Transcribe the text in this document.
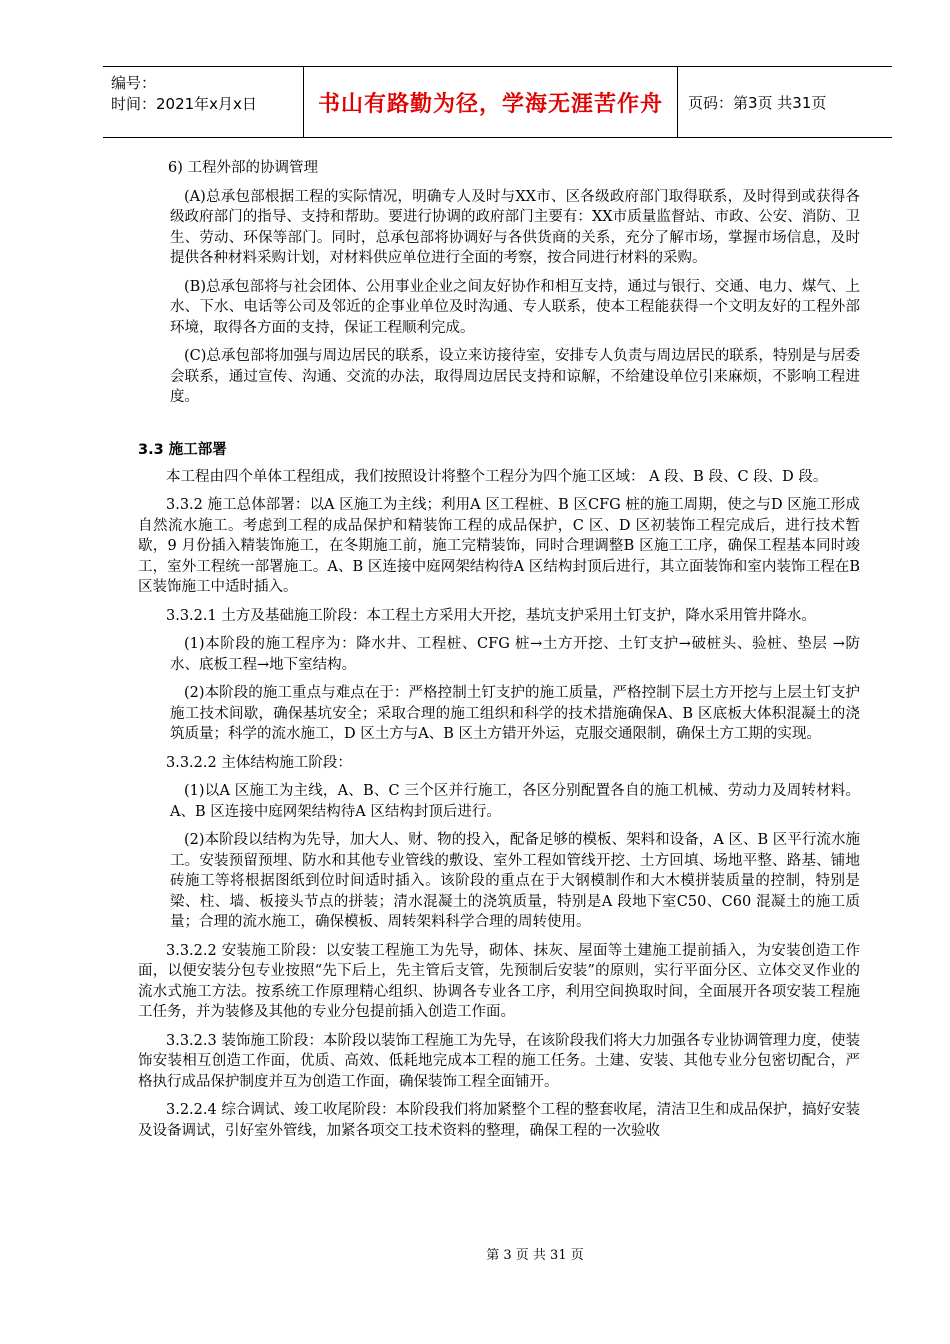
编号：
时间：2021年x月x日	书山有路勤为径，学海无涯苦作舟 页码：第3页 共31页

6) 工程外部的协调管理

(A)总承包部根据工程的实际情况，明确专人及时与XX市、区各级政府部门取得联系，及时得到或获得各级政府部门的指导、支持和帮助。要进行协调的政府部门主要有：XX市质量监督站、市政、公安、消防、卫生、劳动、环保等部门。同时，总承包部将协调好与各供货商的关系，充分了解市场，掌握市场信息，及时提供各种材料采购计划，对材料供应单位进行全面的考察，按合同进行材料的采购。

(B)总承包部将与社会团体、公用事业企业之间友好协作和相互支持，通过与银行、交通、电力、煤气、上水、下水、电话等公司及邻近的企事业单位及时沟通、专人联系，使本工程能获得一个文明友好的工程外部环境，取得各方面的支持，保证工程顺利完成。

(C)总承包部将加强与周边居民的联系，设立来访接待室，安排专人负责与周边居民的联系，特别是与居委会联系，通过宣传、沟通、交流的办法，取得周边居民支持和谅解，不给建设单位引来麻烦，不影响工程进度。

3.3 施工部署

本工程由四个单体工程组成，我们按照设计将整个工程分为四个施工区域： A 段、B 段、C 段、D 段。

3.3.2 施工总体部署：以A 区施工为主线；利用A 区工程桩、B 区CFG 桩的施工周期，使之与D 区施工形成自然流水施工。考虑到工程的成品保护和精装饰工程的成品保护，C 区、D 区初装饰工程完成后，进行技术暂歇，9 月份插入精装饰施工，在冬期施工前，施工完精装饰，同时合理调整B 区施工工序，确保工程基本同时竣工，室外工程统一部署施工。A、B 区连接中庭网架结构待A 区结构封顶后进行，其立面装饰和室内装饰工程在B 区装饰施工中适时插入。

3.3.2.1 土方及基础施工阶段：本工程土方采用大开挖，基坑支护采用土钉支护，降水采用管井降水。

(1)本阶段的施工程序为：降水井、工程桩、CFG 桩→土方开挖、土钉支护→破桩头、验桩、垫层 →防水、底板工程→地下室结构。

(2)本阶段的施工重点与难点在于：严格控制土钉支护的施工质量，严格控制下层土方开挖与上层土钉支护施工技术间歇，确保基坑安全；采取合理的施工组织和科学的技术措施确保A、B 区底板大体积混凝土的浇筑质量；科学的流水施工，D 区土方与A、B 区土方错开外运，克服交通限制，确保土方工期的实现。

3.3.2.2 主体结构施工阶段：

(1)以A 区施工为主线，A、B、C 三个区并行施工，各区分别配置各自的施工机械、劳动力及周转材料。A、B 区连接中庭网架结构待A 区结构封顶后进行。

(2)本阶段以结构为先导，加大人、财、物的投入，配备足够的模板、架料和设备，A 区、B 区平行流水施工。安装预留预埋、防水和其他专业管线的敷设、室外工程如管线开挖、土方回填、场地平整、路基、铺地砖施工等将根据图纸到位时间适时插入。该阶段的重点在于大钢模制作和大木模拼装质量的控制，特别是梁、柱、墙、板接头节点的拼装；清水混凝土的浇筑质量，特别是A 段地下室C50、C60 混凝土的施工质量；合理的流水施工，确保模板、周转架料科学合理的周转使用。

3.3.2.2 安装施工阶段：以安装工程施工为先导，砌体、抹灰、屋面等土建施工提前插入，为安装创造工作面，以便安装分包专业按照“先下后上，先主管后支管，先预制后安装”的原则，实行平面分区、立体交叉作业的流水式施工方法。按系统工作原理精心组织、协调各专业各工序，利用空间换取时间，全面展开各项安装工程施工任务，并为装修及其他的专业分包提前插入创造工作面。

3.3.2.3 装饰施工阶段：本阶段以装饰工程施工为先导，在该阶段我们将大力加强各专业协调管理力度，使装饰安装相互创造工作面，优质、高效、低耗地完成本工程的施工任务。土建、安装、其他专业分包密切配合，严格执行成品保护制度并互为创造工作面，确保装饰工程全面铺开。

3.2.2.4 综合调试、竣工收尾阶段：本阶段我们将加紧整个工程的整套收尾，清洁卫生和成品保护，搞好安装及设备调试，引好室外管线，加紧各项交工技术资料的整理，确保工程的一次验收

第 3 页 共 31 页
